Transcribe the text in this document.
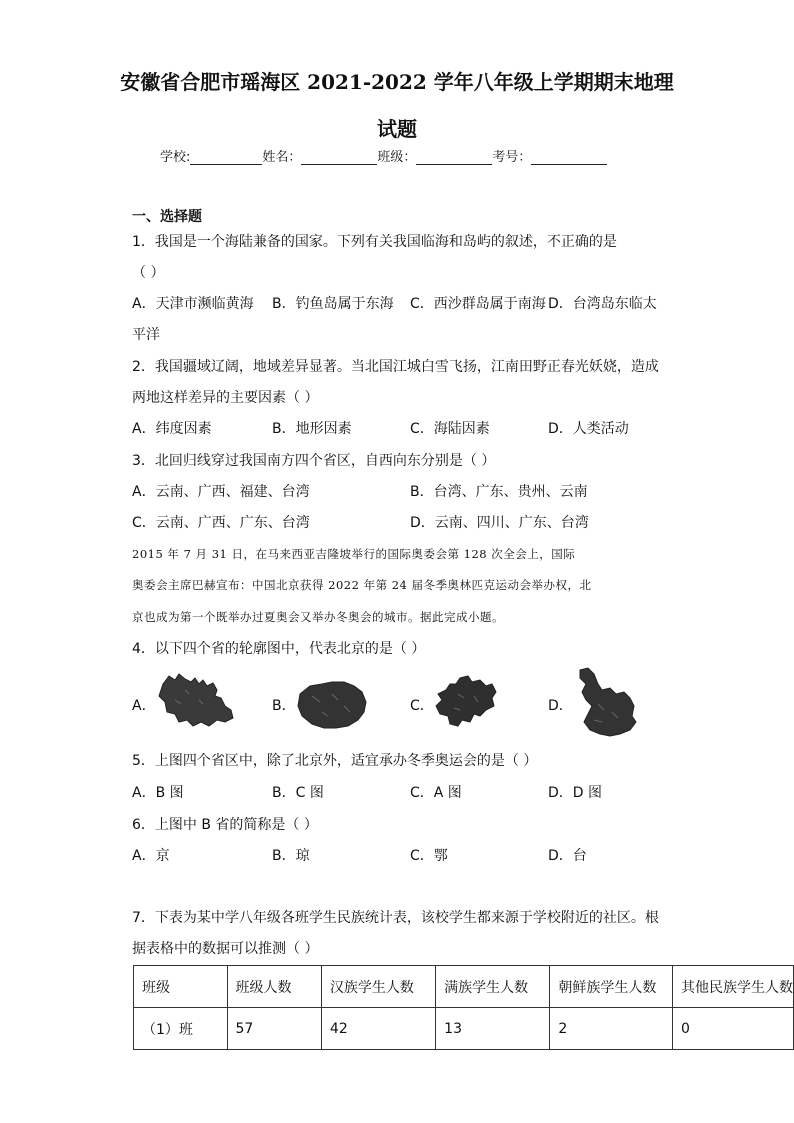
安徽省合肥市瑶海区 2021-2022 学年八年级上学期期末地理
试题
学校:	姓名：	班级：	考号：
一、选择题
1．我国是一个海陆兼备的国家。下列有关我国临海和岛屿的叙述，不正确的是
（ ）
A．天津市濒临黄海 B．钓鱼岛属于东海 C．西沙群岛属于南海 D．台湾岛东临太
平洋
2．我国疆域辽阔，地域差异显著。当北国江城白雪飞扬，江南田野正春光妖娆，造成
两地这样差异的主要因素（ ）
A．纬度因素	B．地形因素	C．海陆因素	D．人类活动
3．北回归线穿过我国南方四个省区，自西向东分别是（ ）
A．云南、广西、福建、台湾	B．台湾、广东、贵州、云南
C．云南、广西、广东、台湾	D．云南、四川、广东、台湾
2015 年 7 月 31 日，在马来西亚吉隆坡举行的国际奥委会第 128 次全会上，国际
奥委会主席巴赫宣布：中国北京获得 2022 年第 24 届冬季奥林匹克运动会举办权，北
京也成为第一个既举办过夏奥会又举办冬奥会的城市。据此完成小题。
4．以下四个省的轮廓图中，代表北京的是（ ）
A．	B．	C．	D．
5．上图四个省区中，除了北京外，适宜承办冬季奥运会的是（ ）
A．B 图	B．C 图	C．A 图	D．D 图
6．上图中 B 省的简称是（ ）
A．京	B．琼	C．鄂	D．台
7．下表为某中学八年级各班学生民族统计表，该校学生都来源于学校附近的社区。根
据表格中的数据可以推测（ ）
班级	班级人数	汉族学生人数	满族学生人数	朝鲜族学生人数	其他民族学生人数
（1）班	57	42	13	2	0
